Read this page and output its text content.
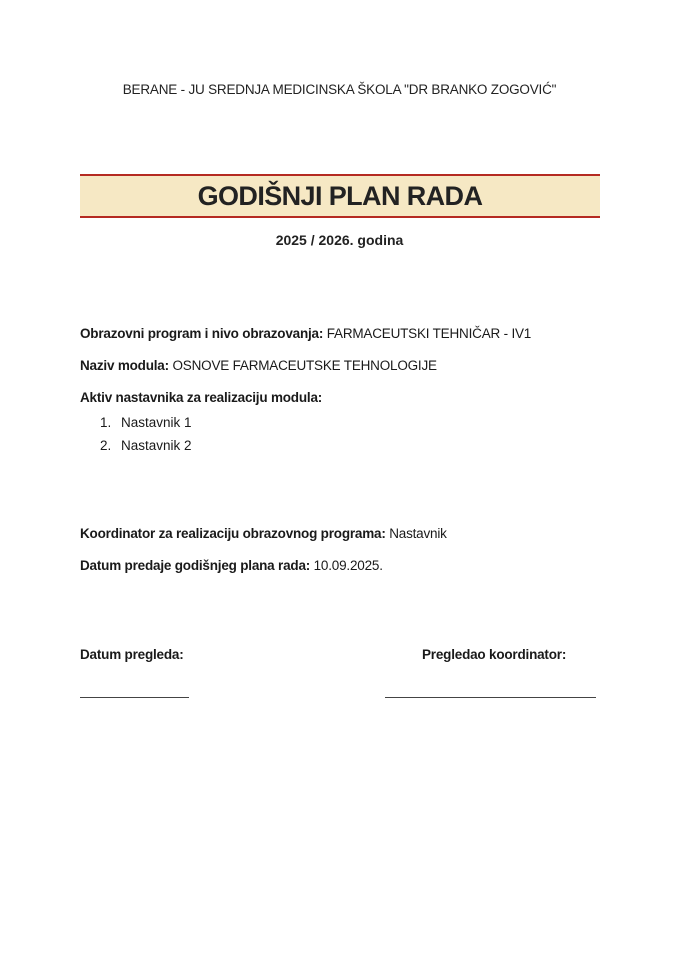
BERANE - JU SREDNJA MEDICINSKA ŠKOLA "DR BRANKO ZOGOVIĆ"
GODIŠNJI PLAN RADA
2025 / 2026. godina
Obrazovni program i nivo obrazovanja: FARMACEUTSKI TEHNIČAR - IV1
Naziv modula: OSNOVE FARMACEUTSKE TEHNOLOGIJE
Aktiv nastavnika za realizaciju modula:
1. Nastavnik 1
2. Nastavnik 2
Koordinator za realizaciju obrazovnog programa: Nastavnik
Datum predaje godišnjeg plana rada: 10.09.2025.
Datum pregleda:	Pregledao koordinator:
